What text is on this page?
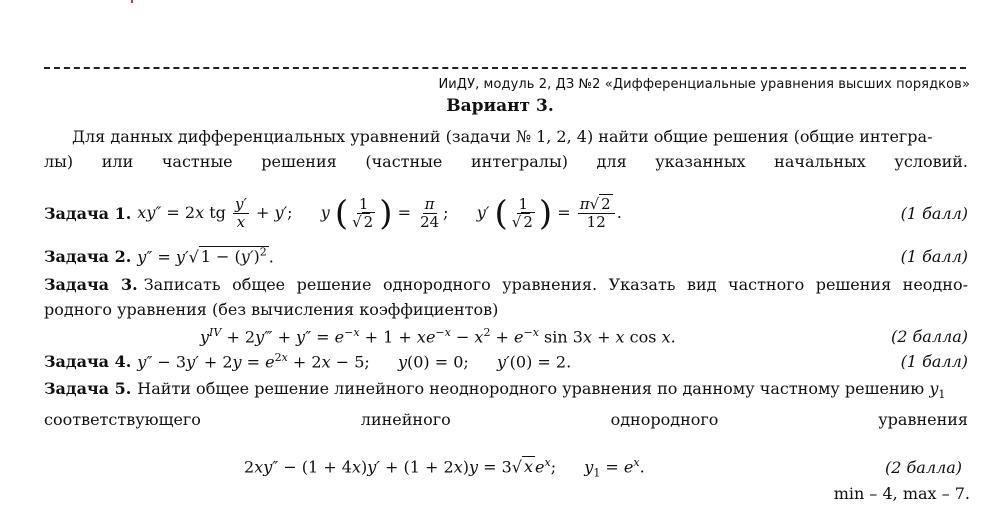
ИиДУ, модуль 2, ДЗ №2 «Дифференциальные уравнения высших порядков»
Вариант 3.
Для данных дифференциальных уравнений (задачи № 1, 2, 4) найти общие решения (общие интегра-
лы) или частные решения (частные интегралы) для указанных начальных условий.
Задача 1. xy″ = 2x tg $\frac{y'}{x} + y'$;  y ( $\frac{1}{√ 2}$ ) = $\frac{\pi}{24}$ ;  y′ ( $\frac{1}{√ 2}$ ) = $\frac{\pi√ 2}{12}$ .	(1 балл)
Задача 2. y″ = y′√ $1 - (y')^2$ .	(1 балл)
Задача 3. Записать общее решение однородного уравнения. Указать вид частного решения неодно-
родного уравнения (без вычисления коэффициентов)
$y^{IV}$ + 2y‴ + $y'' = e^{-x} + 1 + xe^{-x} - x^2 + e^{-x}$ sin 3x + x cos x.	(2 балла)
Задача 4. $y'' - 3y' + 2y = e^{2x} + 2x - 5$;  y(0) = 0;  y′(0) = 2.	(1 балл)
Задача 5. Найти общее решение линейного неоднородного уравнения по данному частному решению $y_1$
соответствующего линейного однородного уравнения
2xy″ − (1 + 4x)y′ + (1 + 2x)y = 3√ x $e^x$;  $y_1 = e^x$.	(2 балла)
min – 4, max – 7.
